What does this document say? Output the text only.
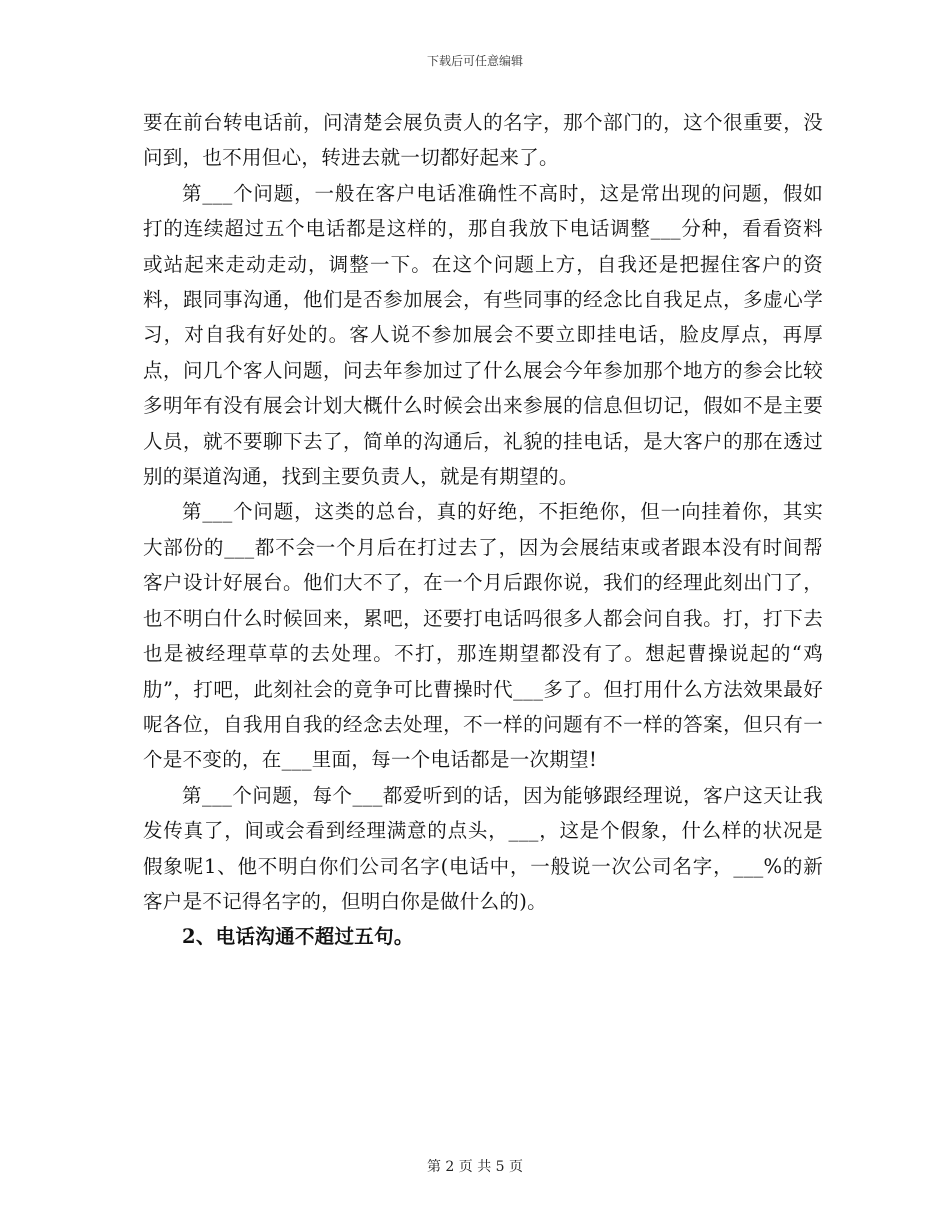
下载后可任意编辑

要在前台转电话前，问清楚会展负责人的名字，那个部门的，这个很重要，没问到，也不用但心，转进去就一切都好起来了。

第___个问题，一般在客户电话准确性不高时，这是常出现的问题，假如打的连续超过五个电话都是这样的，那自我放下电话调整___分种，看看资料或站起来走动走动，调整一下。在这个问题上方，自我还是把握住客户的资料，跟同事沟通，他们是否参加展会，有些同事的经念比自我足点，多虚心学习，对自我有好处的。客人说不参加展会不要立即挂电话，脸皮厚点，再厚点，问几个客人问题，问去年参加过了什么展会今年参加那个地方的参会比较多明年有没有展会计划大概什么时候会出来参展的信息但切记，假如不是主要人员，就不要聊下去了，简单的沟通后，礼貌的挂电话，是大客户的那在透过别的渠道沟通，找到主要负责人，就是有期望的。

第___个问题，这类的总台，真的好绝，不拒绝你，但一向挂着你，其实大部份的___都不会一个月后在打过去了，因为会展结束或者跟本没有时间帮客户设计好展台。他们大不了，在一个月后跟你说，我们的经理此刻出门了，也不明白什么时候回来，累吧，还要打电话吗很多人都会问自我。打，打下去也是被经理草草的去处理。不打，那连期望都没有了。想起曹操说起的“鸡肋”，打吧，此刻社会的竟争可比曹操时代___多了。但打用什么方法效果最好呢各位，自我用自我的经念去处理，不一样的问题有不一样的答案，但只有一个是不变的，在___里面，每一个电话都是一次期望!

第___个问题，每个___都爱听到的话，因为能够跟经理说，客户这天让我发传真了，间或会看到经理满意的点头，___，这是个假象，什么样的状况是假象呢1、他不明白你们公司名字(电话中，一般说一次公司名字，___%的新客户是不记得名字的，但明白你是做什么的)。

2、电话沟通不超过五句。

第 2 页 共 5 页
